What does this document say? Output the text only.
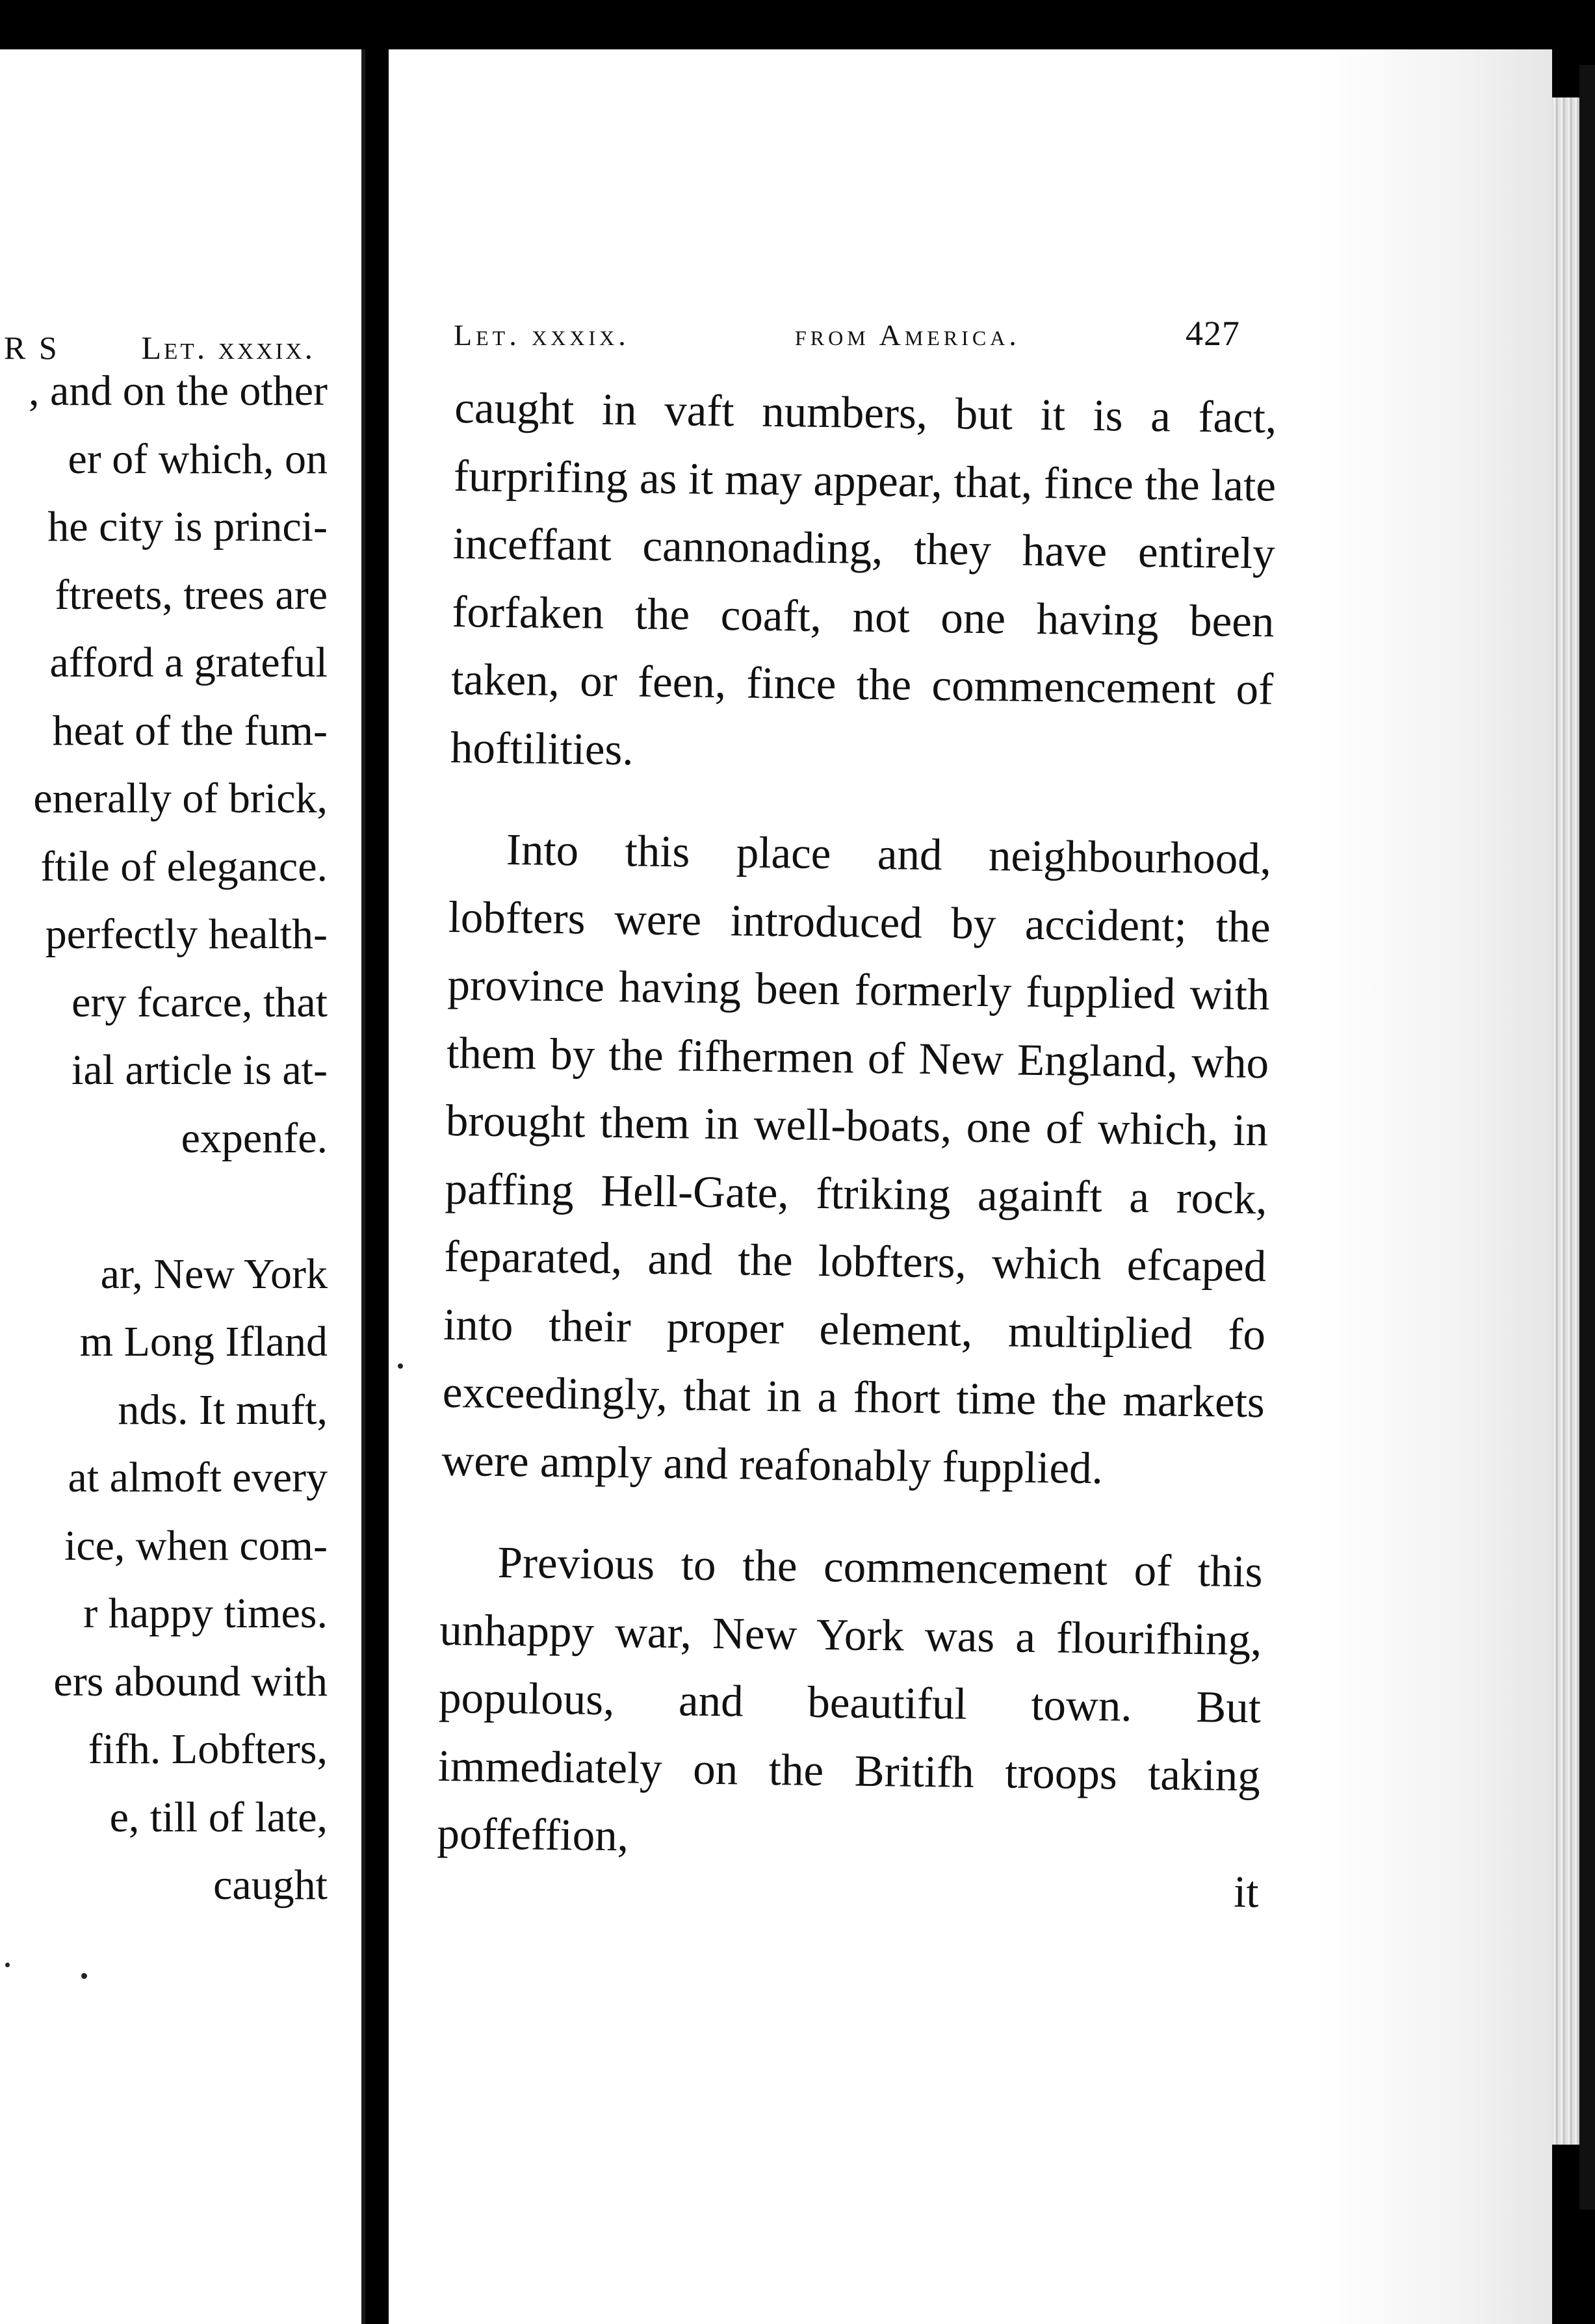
R S	Let. xxxix.
, and on the other
er of which, on
he city is princi-
ftreets, trees are
afford a grateful
heat of the fum-
enerally of brick,
ftile of elegance.
perfectly health-
ery fcarce, that
ial article is at-
expenfe.

ar, New York
m Long Ifland
nds. It muft,
at almoft every
ice, when com-
r happy times.
ers abound with
fifh. Lobfters,
e, till of late,
caught
Let. xxxix.	from America.	427

caught in vaft numbers, but it is a fact, furprifing as it may appear, that, fince the late inceffant cannonading, they have entirely forfaken the coaft, not one having been taken, or feen, fince the commencement of hoftilities.

Into this place and neighbourhood, lobfters were introduced by accident; the province having been formerly fupplied with them by the fifhermen of New England, who brought them in well-boats, one of which, in paffing Hell-Gate, ftriking againft a rock, feparated, and the lobfters, which efcaped into their proper element, multiplied fo exceedingly, that in a fhort time the markets were amply and reafonably fupplied.

Previous to the commencement of this unhappy war, New York was a flourifhing, populous, and beautiful town. But immediately on the Britifh troops taking poffeffion,

it
